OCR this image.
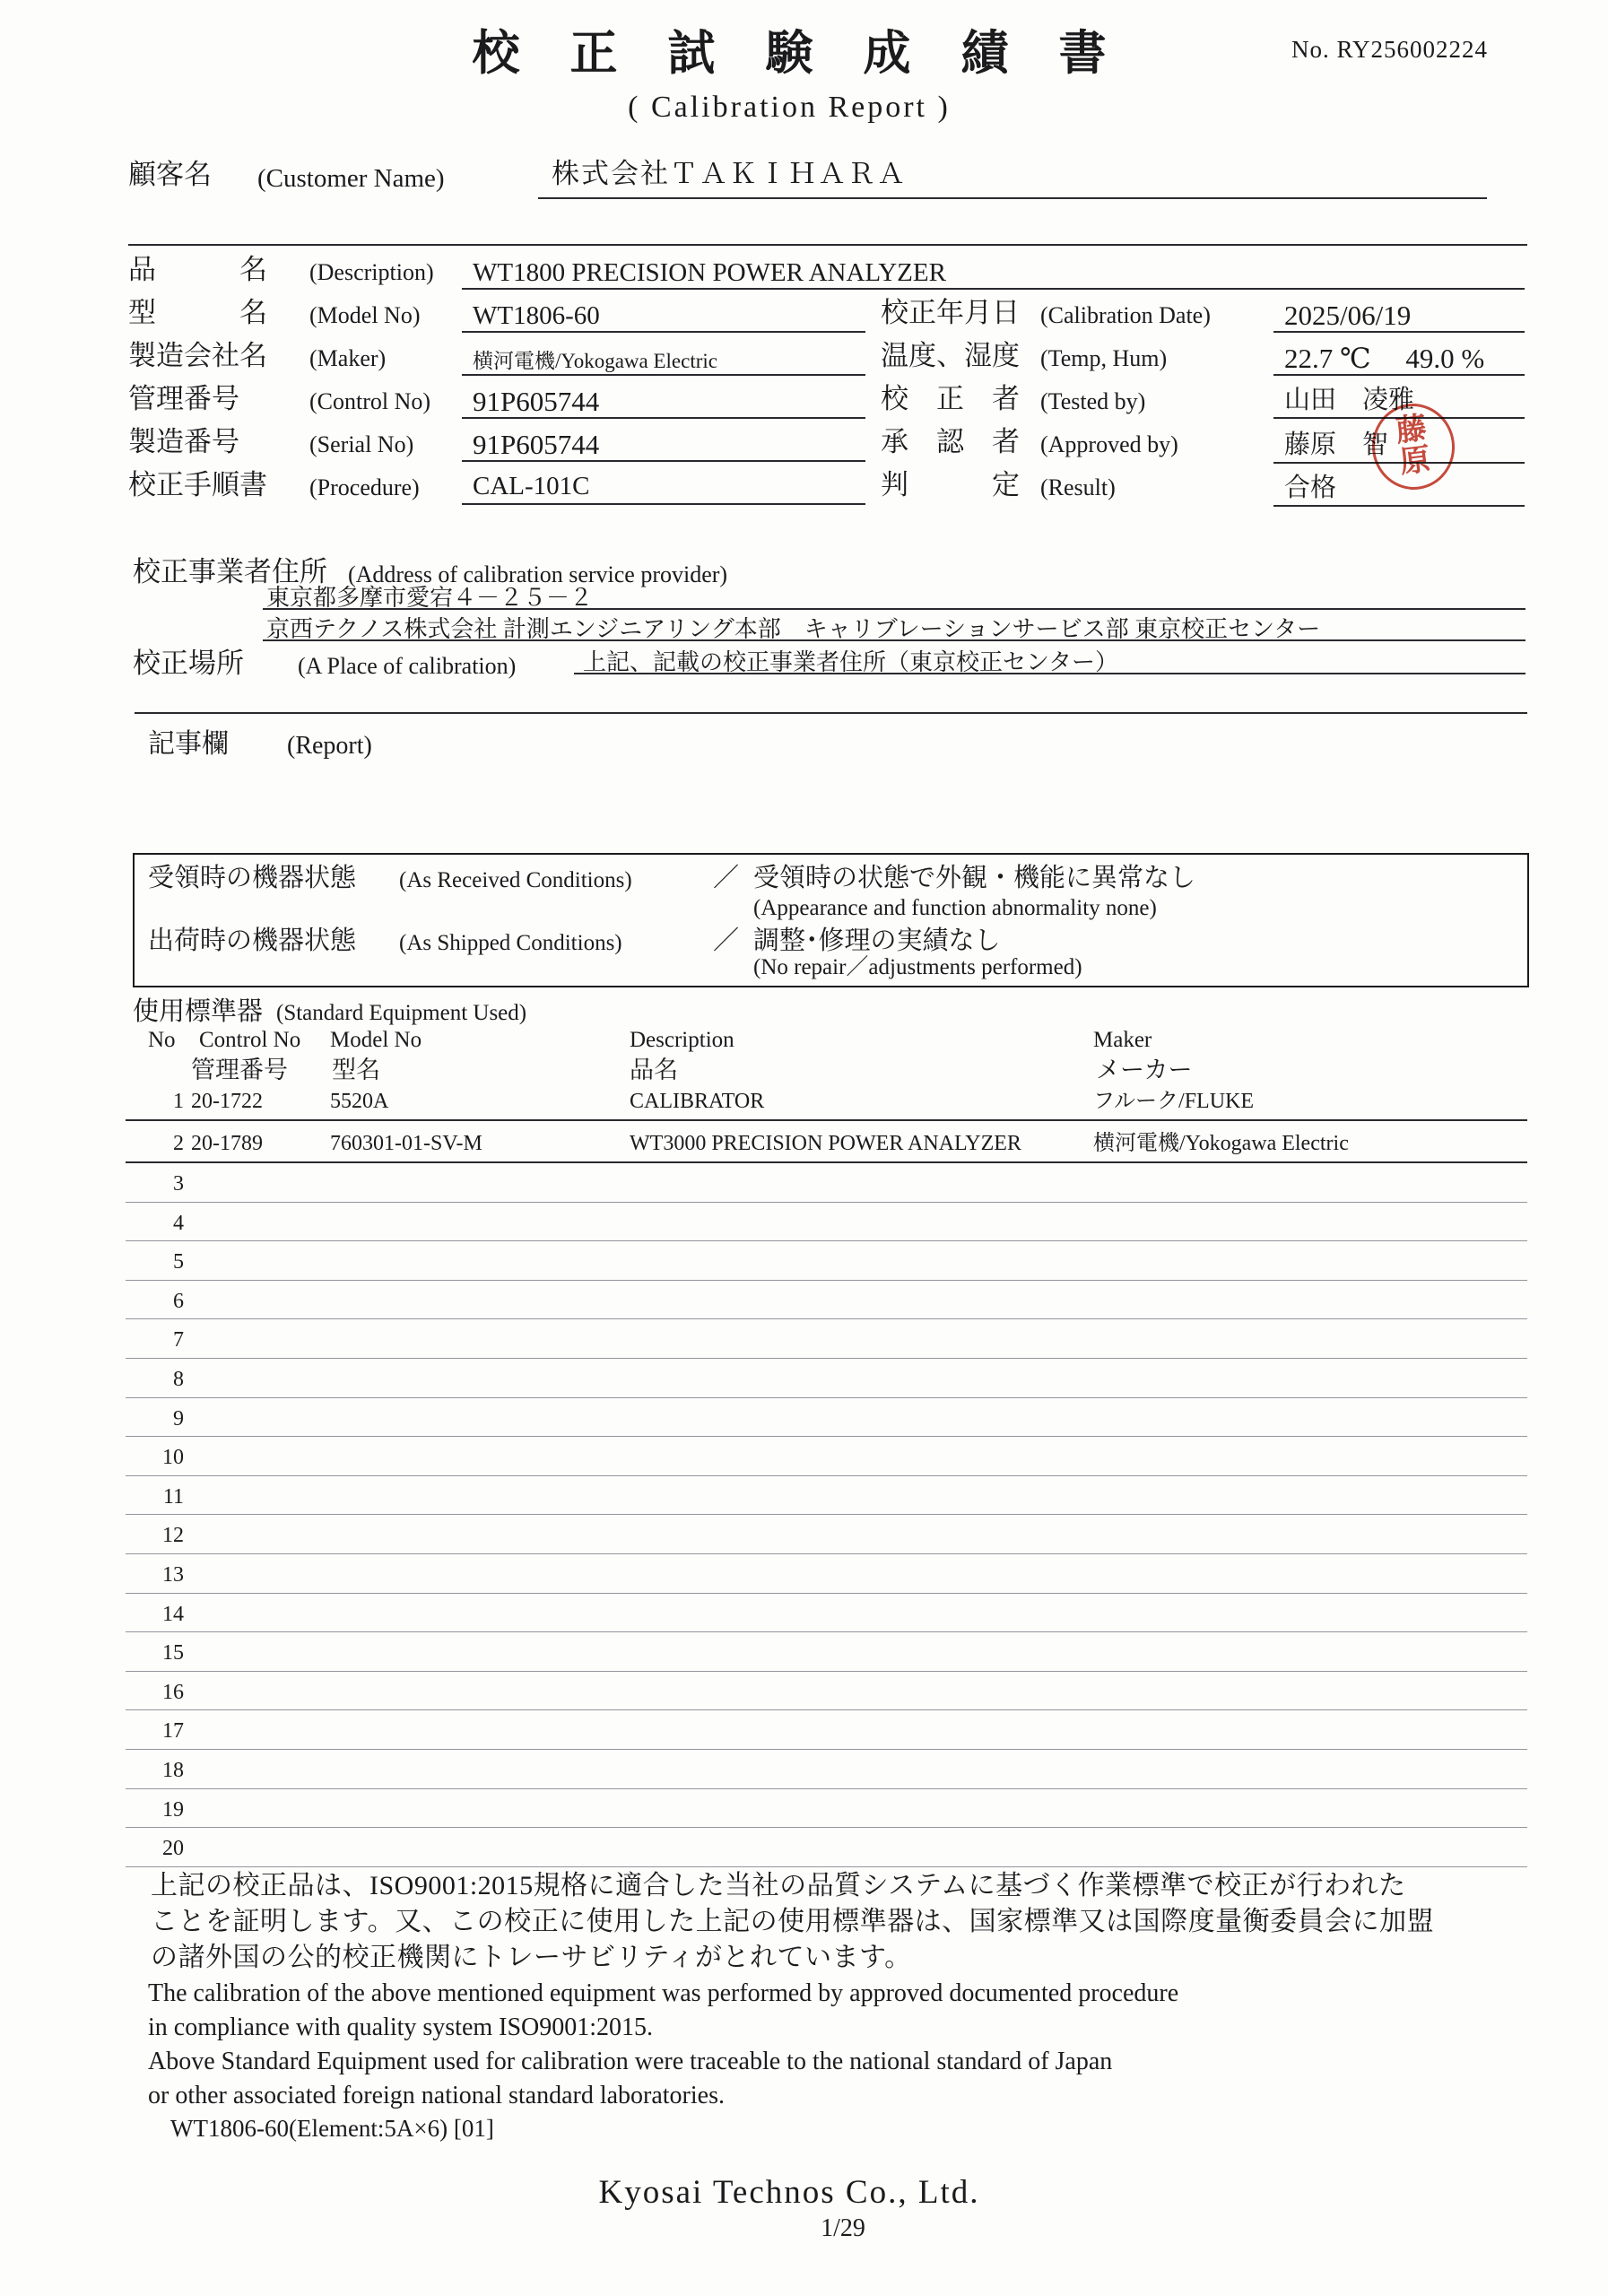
校正試験成績書
( Calibration Report )
No. RY256002224
顧客名 (Customer Name)	株式会社ＴＡＫＩＨＡＲＡ
品　　　名 (Description) WT1800 PRECISION POWER ANALYZER
型　　　名 (Model No) WT1806-60
製造会社名 (Maker)	横河電機/Yokogawa Electric
管理番号	(Control No) 91P605744
製造番号	(Serial No) 91P605744
校正手順書 (Procedure) CAL-101C
校正年月日 (Calibration Date)	2025/06/19
温度、湿度 (Temp, Hum)	22.7 ℃　 49.0 %
校　正　者 (Tested by)	山田　凌雅
承　認　者 (Approved by)	藤原　智
判　　　定 (Result)	合格
藤
原
校正事業者住所 (Address of calibration service provider)
東京都多摩市愛宕４－２５－２
京西テクノス株式会社 計測エンジニアリング本部　キャリブレーションサービス部 東京校正センター
校正場所 (A Place of calibration)	上記、記載の校正事業者住所（東京校正センター）
記事欄 (Report)
受領時の機器状態 (As Received Conditions)	／ 受領時の状態で外観・機能に異常なし
(Appearance and function abnormality none)
出荷時の機器状態 (As Shipped Conditions)	／ 調整･修理の実績なし
(No repair／adjustments performed)
使用標準器 (Standard Equipment Used)
No Control No Model No	Description	Maker
管理番号 型名	品名	メーカー
1 20-1722	5520A	CALIBRATOR	フルーク/FLUKE
2 20-1789	760301-01-SV-M	WT3000 PRECISION POWER ANALYZER	横河電機/Yokogawa Electric
3
4
5
6
7
8
9
10
11
12
13
14
15
16
17
18
19
20
上記の校正品は、ISO9001:2015規格に適合した当社の品質システムに基づく作業標準で校正が行われた
ことを証明します。又、この校正に使用した上記の使用標準器は、国家標準又は国際度量衡委員会に加盟
の諸外国の公的校正機関にトレーサビリティがとれています。
The calibration of the above mentioned equipment was performed by approved documented procedure
in compliance with quality system ISO9001:2015.
Above Standard Equipment used for calibration were traceable to the national standard of Japan
or other associated foreign national standard laboratories.
WT1806-60(Element:5A×6) [01]
Kyosai Technos Co., Ltd.
1/29
